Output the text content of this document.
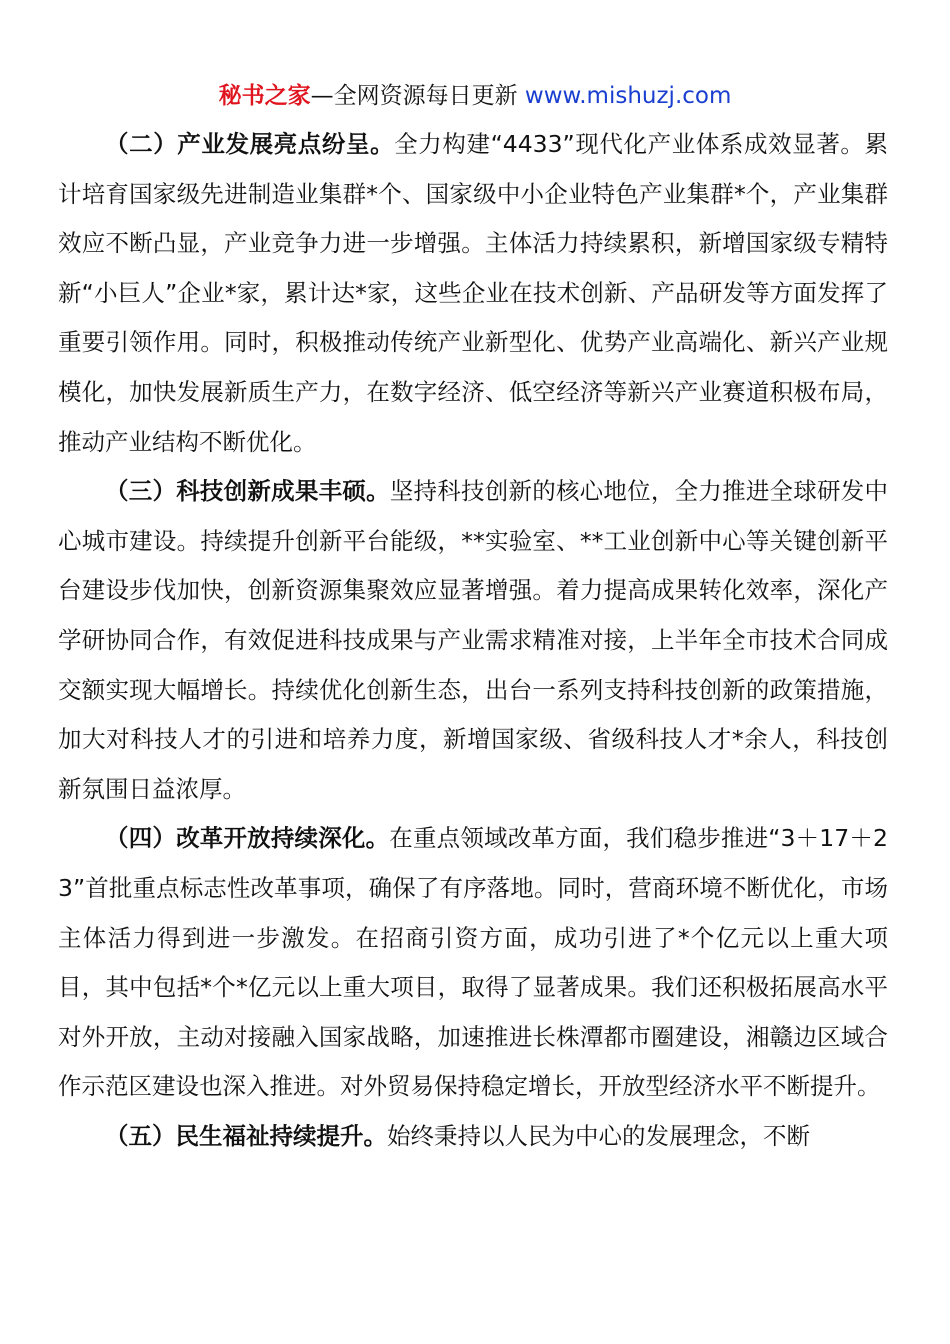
秘书之家—全网资源每日更新 www.mishuzj.com

（二）产业发展亮点纷呈。全力构建“4433”现代化产业体系成效显著。累计培育国家级先进制造业集群*个、国家级中小企业特色产业集群*个，产业集群效应不断凸显，产业竞争力进一步增强。主体活力持续累积，新增国家级专精特新“小巨人”企业*家，累计达*家，这些企业在技术创新、产品研发等方面发挥了重要引领作用。同时，积极推动传统产业新型化、优势产业高端化、新兴产业规模化，加快发展新质生产力，在数字经济、低空经济等新兴产业赛道积极布局，推动产业结构不断优化。

（三）科技创新成果丰硕。坚持科技创新的核心地位，全力推进全球研发中心城市建设。持续提升创新平台能级，**实验室、**工业创新中心等关键创新平台建设步伐加快，创新资源集聚效应显著增强。着力提高成果转化效率，深化产学研协同合作，有效促进科技成果与产业需求精准对接，上半年全市技术合同成交额实现大幅增长。持续优化创新生态，出台一系列支持科技创新的政策措施，加大对科技人才的引进和培养力度，新增国家级、省级科技人才*余人，科技创新氛围日益浓厚。

（四）改革开放持续深化。在重点领域改革方面，我们稳步推进“3＋17＋23”首批重点标志性改革事项，确保了有序落地。同时，营商环境不断优化，市场主体活力得到进一步激发。在招商引资方面，成功引进了*个亿元以上重大项目，其中包括*个*亿元以上重大项目，取得了显著成果。我们还积极拓展高水平对外开放，主动对接融入国家战略，加速推进长株潭都市圈建设，湘赣边区域合作示范区建设也深入推进。对外贸易保持稳定增长，开放型经济水平不断提升。

（五）民生福祉持续提升。始终秉持以人民为中心的发展理念，不断
